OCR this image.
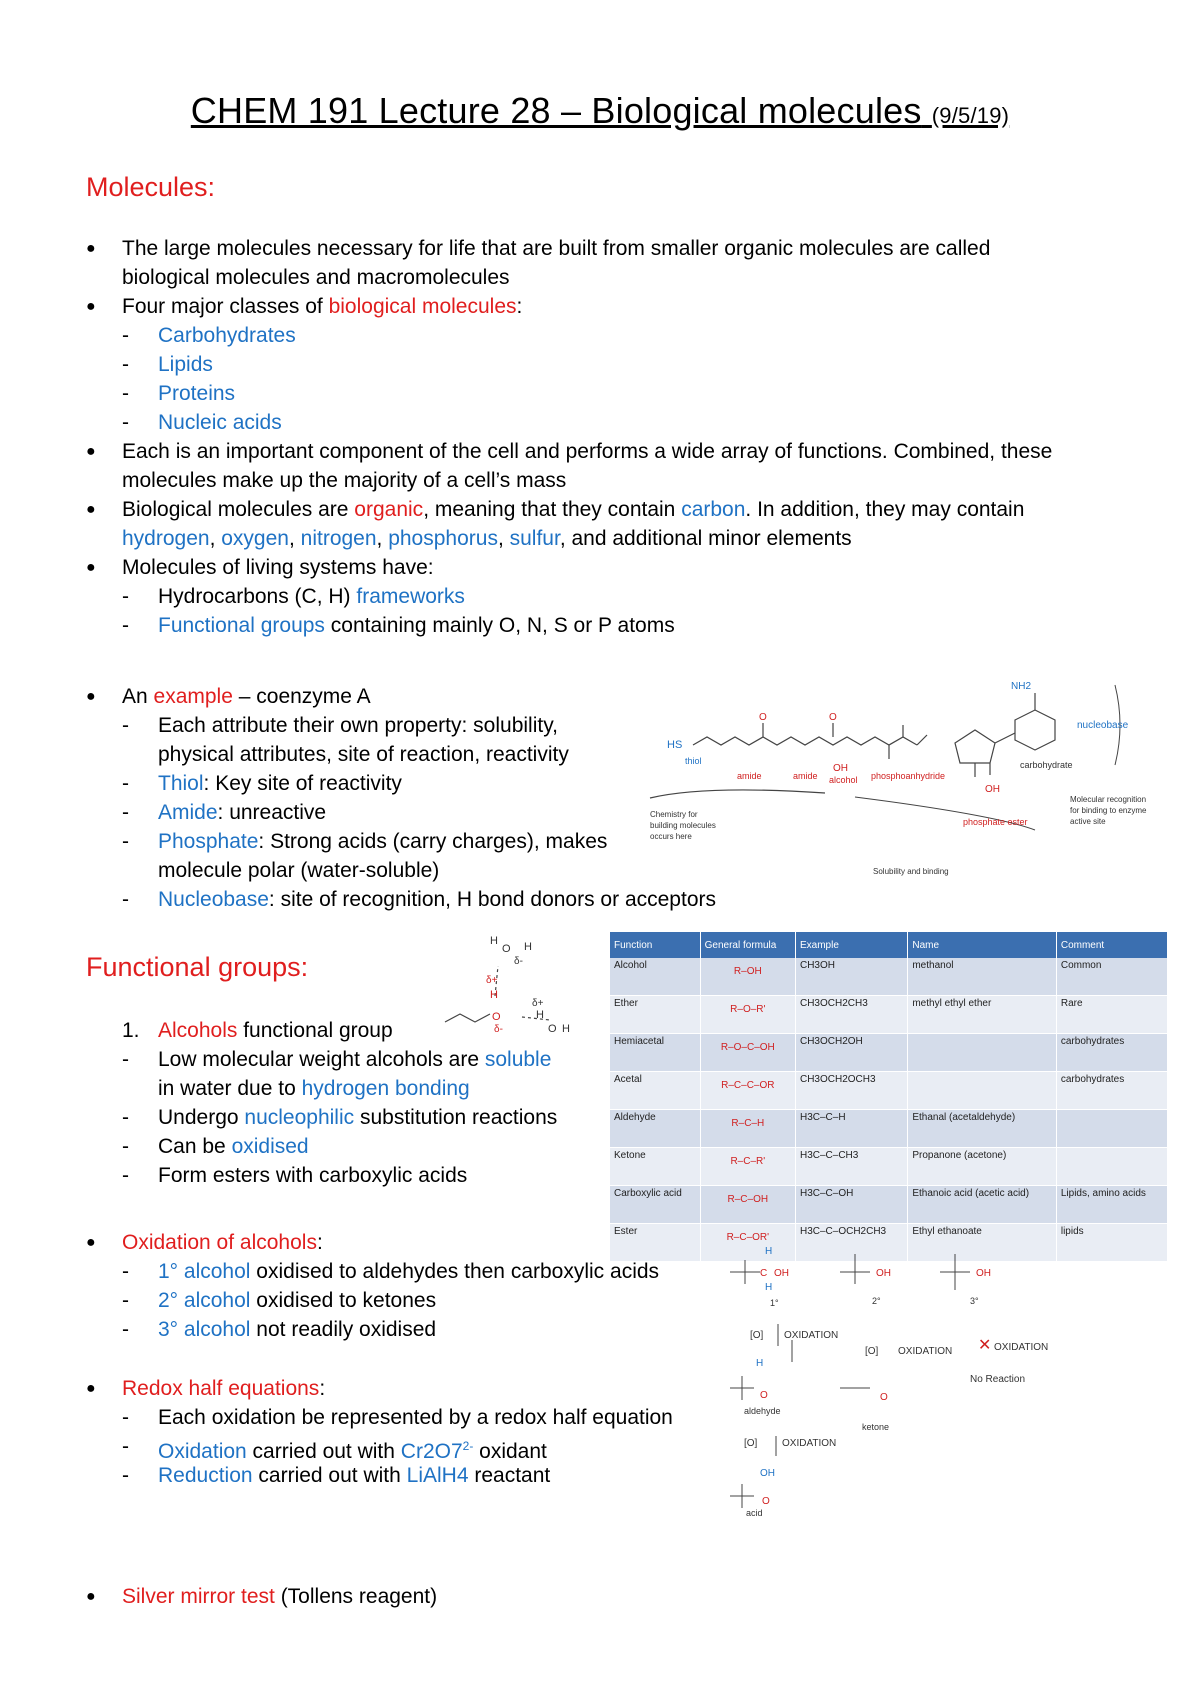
CHEM 191 Lecture 28 – Biological molecules (9/5/19)
Molecules:
● The large molecules necessary for life that are built from smaller organic molecules are called
biological molecules and macromolecules
● Four major classes of biological molecules:
- Carbohydrates
- Lipids
- Proteins
- Nucleic acids
● Each is an important component of the cell and performs a wide array of functions. Combined, these
molecules make up the majority of a cell’s mass
● Biological molecules are organic, meaning that they contain carbon. In addition, they may contain
hydrogen, oxygen, nitrogen, phosphorus, sulfur, and additional minor elements
● Molecules of living systems have:
- Hydrocarbons (C, H) frameworks
- Functional groups containing mainly O, N, S or P atoms
● An example – coenzyme A
- Each attribute their own property: solubility,
physical attributes, site of reaction, reactivity
- Thiol: Key site of reactivity
- Amide: unreactive
- Phosphate: Strong acids (carry charges), makes
molecule polar (water-soluble)
- Nucleobase: site of recognition, H bond donors or acceptors
HS
thiol
O	O
amide	amide
OH
alcohol phosphoanhydride
NH2
nucleobase
carbohydrate
OH
phosphate ester
Chemistry for
building molecules
occurs here
Molecular recognition
for binding to enzyme
active site
Solubility and binding
Functional groups:
H
O H
δ-
δ+
H
O
δ-
δ+
H
O H
1. Alcohols functional group
- Low molecular weight alcohols are soluble
in water due to hydrogen bonding
- Undergo nucleophilic substitution reactions
- Can be oxidised
- Form esters with carboxylic acids
Function	General formula	Example	Name	Comment
Alcohol	R–OH	CH3OH	methanol	Common
Ether	R–O–R'	CH3OCH2CH3	methyl ethyl ether	Rare
Hemiacetal	R–O–C–OH	CH3OCH2OH		carbohydrates
Acetal	R–C–C–OR	CH3OCH2OCH3		carbohydrates
Aldehyde	R–C–H	H3C–C–H	Ethanal (acetaldehyde)	
Ketone	R–C–R'	H3C–C–CH3	Propanone (acetone)	
Carboxylic acid	R–C–OH	H3C–C–OH	Ethanoic acid (acetic acid)	Lipids, amino acids
Ester	R–C–OR'	H3C–C–OCH2CH3	Ethyl ethanoate	lipids
● Oxidation of alcohols:
- 1° alcohol oxidised to aldehydes then carboxylic acids
- 2° alcohol oxidised to ketones
- 3° alcohol not readily oxidised
● Redox half equations:
- Each oxidation be represented by a redox half equation
- Oxidation carried out with $Cr2O7^{2-}$ oxidant
- Reduction carried out with LiAlH4 reactant
● Silver mirror test (Tollens reagent)
C OH
H
H
1°
OH
2°
OH
3°
[O] OXIDATION
[O] OXIDATION ✕ OXIDATION
No Reaction
H
O
aldehyde
O
ketone
[O] OXIDATION
OH
O
acid
